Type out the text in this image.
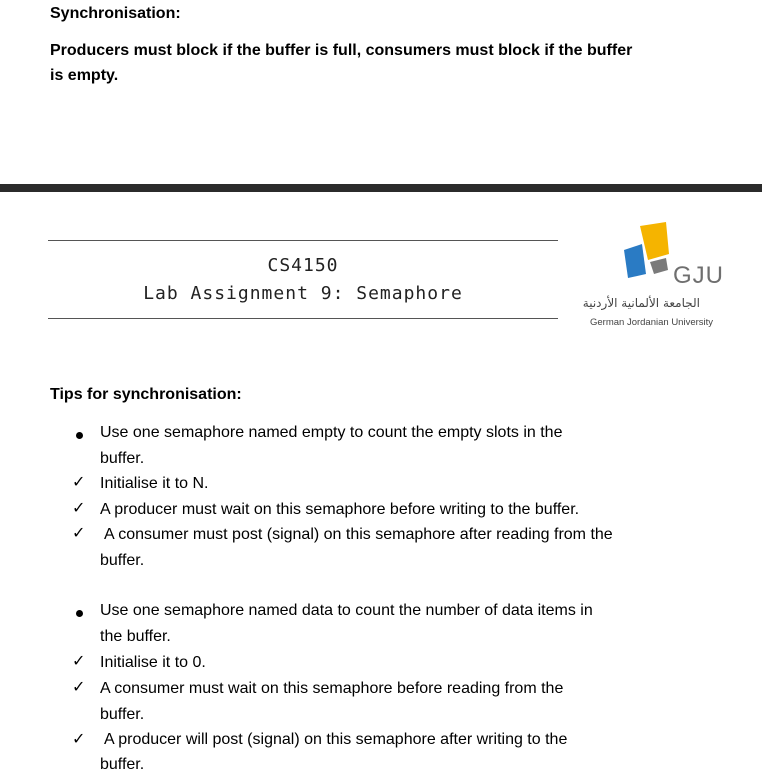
Synchronisation:
Producers must block if the buffer is full, consumers must block if the buffer
is empty.
CS4150
Lab Assignment 9: Semaphore
GJU
الجامعة الألمانية الأردنية
German Jordanian University
Tips for synchronisation:
Use one semaphore named empty to count the empty slots in the
buffer.
✓ Initialise it to N.
✓ A producer must wait on this semaphore before writing to the buffer.
✓ A consumer must post (signal) on this semaphore after reading from the
buffer.
Use one semaphore named data to count the number of data items in
the buffer.
✓ Initialise it to 0.
✓ A consumer must wait on this semaphore before reading from the
buffer.
✓ A producer will post (signal) on this semaphore after writing to the
buffer.
